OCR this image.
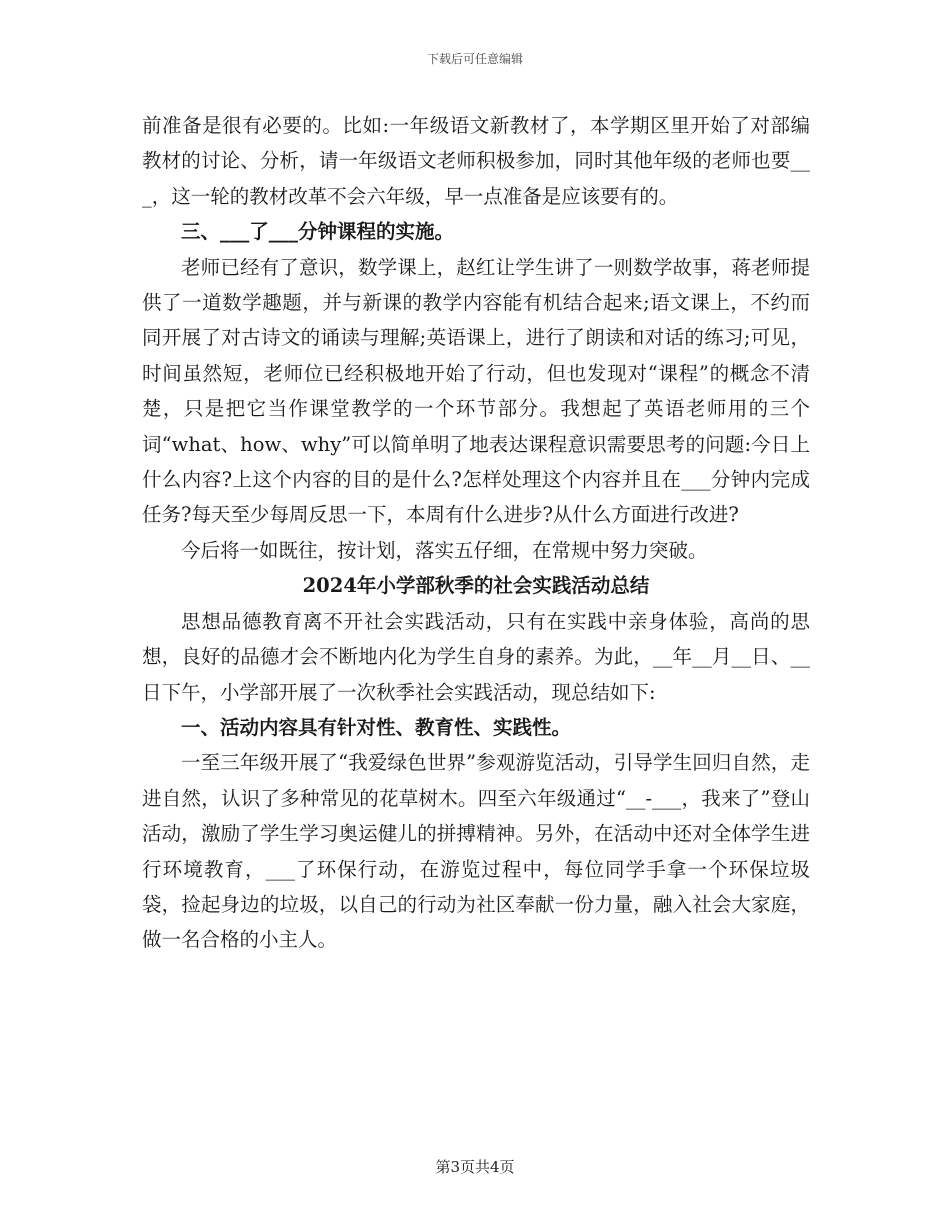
下载后可任意编辑

前准备是很有必要的。比如:一年级语文新教材了，本学期区里开始了对部编教材的讨论、分析，请一年级语文老师积极参加，同时其他年级的老师也要___，这一轮的教材改革不会六年级，早一点准备是应该要有的。

三、___了___分钟课程的实施。

老师已经有了意识，数学课上，赵红让学生讲了一则数学故事，蒋老师提供了一道数学趣题，并与新课的教学内容能有机结合起来;语文课上，不约而同开展了对古诗文的诵读与理解;英语课上，进行了朗读和对话的练习;可见，时间虽然短，老师位已经积极地开始了行动，但也发现对“课程”的概念不清楚，只是把它当作课堂教学的一个环节部分。我想起了英语老师用的三个词“what、how、why”可以简单明了地表达课程意识需要思考的问题:今日上什么内容?上这个内容的目的是什么?怎样处理这个内容并且在___分钟内完成任务?每天至少每周反思一下，本周有什么进步?从什么方面进行改进?

今后将一如既往，按计划，落实五仔细，在常规中努力突破。

2024年小学部秋季的社会实践活动总结

思想品德教育离不开社会实践活动，只有在实践中亲身体验，高尚的思想，良好的品德才会不断地内化为学生自身的素养。为此，__年__月__日、__日下午，小学部开展了一次秋季社会实践活动，现总结如下:

一、活动内容具有针对性、教育性、实践性。

一至三年级开展了“我爱绿色世界”参观游览活动，引导学生回归自然，走进自然，认识了多种常见的花草树木。四至六年级通过“__-___，我来了”登山活动，激励了学生学习奥运健儿的拼搏精神。另外，在活动中还对全体学生进行环境教育，___了环保行动，在游览过程中，每位同学手拿一个环保垃圾袋，捡起身边的垃圾，以自己的行动为社区奉献一份力量，融入社会大家庭，做一名合格的小主人。

第3页共4页
